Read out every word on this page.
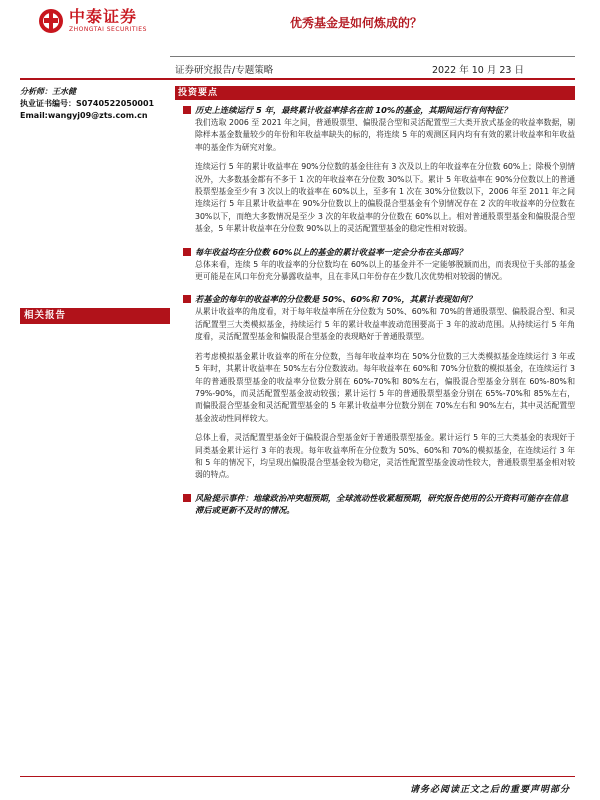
中泰证券
ZHONGTAI SECURITIES	优秀基金是如何炼成的？
证券研究报告/专题策略	2022 年 10 月 23 日
分析师：王水健
执业证书编号：S0740522050001
Email:wangyj09@zts.com.cn
相关报告
投资要点
历史上连续运行 5 年，最终累计收益率排名在前 10%的基金，其期间运行有何特征？

我们选取 2006 至 2021 年之间，普通股票型、偏股混合型和灵活配置型三大类开放式基金的收益率数据，剔除样本基金数量较少的年份和年收益率缺失的标的，将连续 5 年的观测区间内均有有效的累计收益率和年收益率的基金作为研究对象。

连续运行 5 年的累计收益率在 90%分位数的基金往往有 3 次及以上的年收益率在分位数 60%上；除极个别情况外，大多数基金都有不多于 1 次的年收益率在分位数 30%以下。累计 5 年收益率在 90%分位数以上的普通股票型基金至少有 3 次以上的收益率在 60%以上，至多有 1 次在 30%分位数以下，2006 年至 2011 年之间连续运行 5 年且累计收益率在 90%分位数以上的偏股混合型基金有个别情况存在 2 次的年收益率的分位数在 30%以下，而绝大多数情况是至少 3 次的年收益率的分位数在 60%以上。相对普通股票型基金和偏股混合型基金，5 年累计收益率在分位数 90%以上的灵活配置型基金的稳定性相对较弱。

每年收益均在分位数 60%以上的基金的累计收益率一定会分布在头部吗？

总体来看，连续 5 年的收益率的分位数均在 60%以上的基金并不一定能够脱颖而出，而表现位于头部的基金更可能是在风口年份充分暴露收益率，且在非风口年份存在少数几次优势相对较弱的情况。

若基金的每年的收益率的分位数是 50%、60%和 70%，其累计表现如何？

从累计收益率的角度看，对于每年收益率所在分位数为 50%、60%和 70%的普通股票型、偏股混合型、和灵活配置型三大类模拟基金，持续运行 5 年的累计收益率波动范围要高于 3 年的波动范围。从持续运行 5 年角度看，灵活配置型基金和偏股混合型基金的表现略好于普通股票型。

若考虑模拟基金累计收益率的所在分位数，当每年收益率均在 50%分位数的三大类模拟基金连续运行 3 年或 5 年时，其累计收益率在 50%左右分位数波动。每年收益率在 60%和 70%分位数的模拟基金，在连续运行 3 年的普通股票型基金的收益率分位数分别在 60%-70%和 80%左右，偏股混合型基金分别在 60%-80%和 79%-90%，而灵活配置型基金波动较强；累计运行 5 年的普通股票型基金分别在 65%-70%和 85%左右，而偏股混合型基金和灵活配置型基金的 5 年累计收益率分位数分别在 70%左右和 90%左右，其中灵活配置型基金波动性同样较大。

总体上看，灵活配置型基金好于偏股混合型基金好于普通股票型基金。累计运行 5 年的三大类基金的表现好于同类基金累计运行 3 年的表现。每年收益率所在分位数为 50%、60%和 70%的模拟基金，在连续运行 3 年和 5 年的情况下，均呈现出偏股混合型基金较为稳定，灵活性配置型基金波动性较大，普通股票型基金相对较弱的特点。

风险提示事件：地缘政治冲突超预期，全球流动性收紧超预期，研究报告使用的公开资料可能存在信息滞后或更新不及时的情况。
请务必阅读正文之后的重要声明部分
